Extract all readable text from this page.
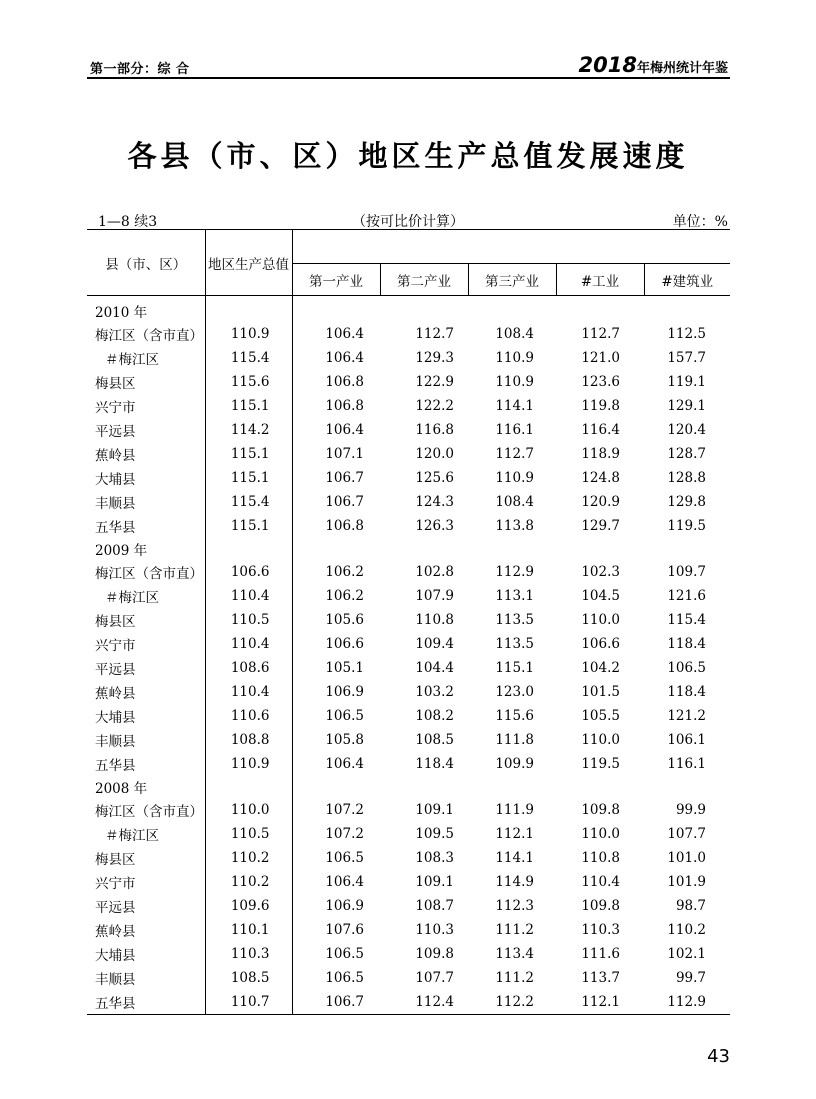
第一部分：综 合	2018年梅州统计年鉴
各县（市、区）地区生产总值发展速度
1—8 续3	（按可比价计算）	单位：%
县（市、区）	地区生产总值					
		第一产业	第二产业	第三产业	#工业	#建筑业
2010 年						
梅江区（含市直）	110.9	106.4	112.7	108.4	112.7	112.5
＃梅江区	115.4	106.4	129.3	110.9	121.0	157.7
梅县区	115.6	106.8	122.9	110.9	123.6	119.1
兴宁市	115.1	106.8	122.2	114.1	119.8	129.1
平远县	114.2	106.4	116.8	116.1	116.4	120.4
蕉岭县	115.1	107.1	120.0	112.7	118.9	128.7
大埔县	115.1	106.7	125.6	110.9	124.8	128.8
丰顺县	115.4	106.7	124.3	108.4	120.9	129.8
五华县	115.1	106.8	126.3	113.8	129.7	119.5
2009 年						
梅江区（含市直）	106.6	106.2	102.8	112.9	102.3	109.7
＃梅江区	110.4	106.2	107.9	113.1	104.5	121.6
梅县区	110.5	105.6	110.8	113.5	110.0	115.4
兴宁市	110.4	106.6	109.4	113.5	106.6	118.4
平远县	108.6	105.1	104.4	115.1	104.2	106.5
蕉岭县	110.4	106.9	103.2	123.0	101.5	118.4
大埔县	110.6	106.5	108.2	115.6	105.5	121.2
丰顺县	108.8	105.8	108.5	111.8	110.0	106.1
五华县	110.9	106.4	118.4	109.9	119.5	116.1
2008 年						
梅江区（含市直）	110.0	107.2	109.1	111.9	109.8	99.9
＃梅江区	110.5	107.2	109.5	112.1	110.0	107.7
梅县区	110.2	106.5	108.3	114.1	110.8	101.0
兴宁市	110.2	106.4	109.1	114.9	110.4	101.9
平远县	109.6	106.9	108.7	112.3	109.8	98.7
蕉岭县	110.1	107.6	110.3	111.2	110.3	110.2
大埔县	110.3	106.5	109.8	113.4	111.6	102.1
丰顺县	108.5	106.5	107.7	111.2	113.7	99.7
五华县	110.7	106.7	112.4	112.2	112.1	112.9
43
